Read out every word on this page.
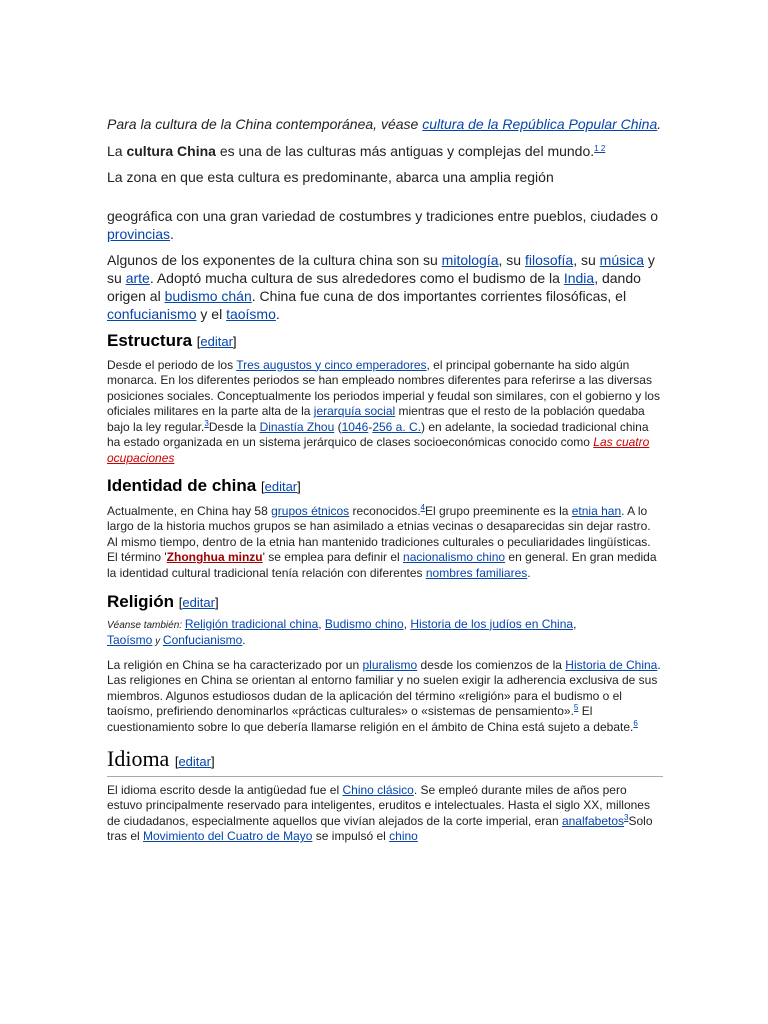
Para la cultura de la China contemporánea, véase cultura de la República Popular China.

La cultura China es una de las culturas más antiguas y complejas del mundo.$^{1 2}$

La zona en que esta cultura es predominante, abarca una amplia región

geográfica con una gran variedad de costumbres y tradiciones entre pueblos, ciudades o provincias.

Algunos de los exponentes de la cultura china son su mitología, su filosofía, su música y su arte. Adoptó mucha cultura de sus alrededores como el budismo de la India, dando origen al budismo chán. China fue cuna de dos importantes corrientes filosóficas, el confucianismo y el taoísmo.

Estructura [editar]

Desde el periodo de los Tres augustos y cinco emperadores, el principal gobernante ha sido algún monarca. En los diferentes periodos se han empleado nombres diferentes para referirse a las diversas posiciones sociales. Conceptualmente los periodos imperial y feudal son similares, con el gobierno y los oficiales militares en la parte alta de la jerarquía social mientras que el resto de la población quedaba bajo la ley regular.$^3$Desde la Dinastía Zhou (1046-256 a. C.) en adelante, la sociedad tradicional china ha estado organizada en un sistema jerárquico de clases socioeconómicas conocido como Las cuatro ocupaciones

Identidad de china [editar]

Actualmente, en China hay 58 grupos étnicos reconocidos.$^4$El grupo preeminente es la etnia han. A lo largo de la historia muchos grupos se han asimilado a etnias vecinas o desaparecidas sin dejar rastro. Al mismo tiempo, dentro de la etnia han mantenido tradiciones culturales o peculiaridades lingüísticas. El término 'Zhonghua minzu' se emplea para definir el nacionalismo chino en general. En gran medida la identidad cultural tradicional tenía relación con diferentes nombres familiares.

Religión [editar]

Véanse también: Religión tradicional china, Budismo chino, Historia de los judíos en China, Taoísmo y Confucianismo.

La religión en China se ha caracterizado por un pluralismo desde los comienzos de la Historia de China. Las religiones en China se orientan al entorno familiar y no suelen exigir la adherencia exclusiva de sus miembros. Algunos estudiosos dudan de la aplicación del término «religión» para el budismo o el taoísmo, prefiriendo denominarlos «prácticas culturales» o «sistemas de pensamiento».$^5$ El cuestionamiento sobre lo que debería llamarse religión en el ámbito de China está sujeto a debate.$^6$

Idioma [editar]

El idioma escrito desde la antigüedad fue el Chino clásico. Se empleó durante miles de años pero estuvo principalmente reservado para inteligentes, eruditos e intelectuales. Hasta el siglo XX, millones de ciudadanos, especialmente aquellos que vivían alejados de la corte imperial, eran analfabetos$^3$Solo tras el Movimiento del Cuatro de Mayo se impulsó el chino
